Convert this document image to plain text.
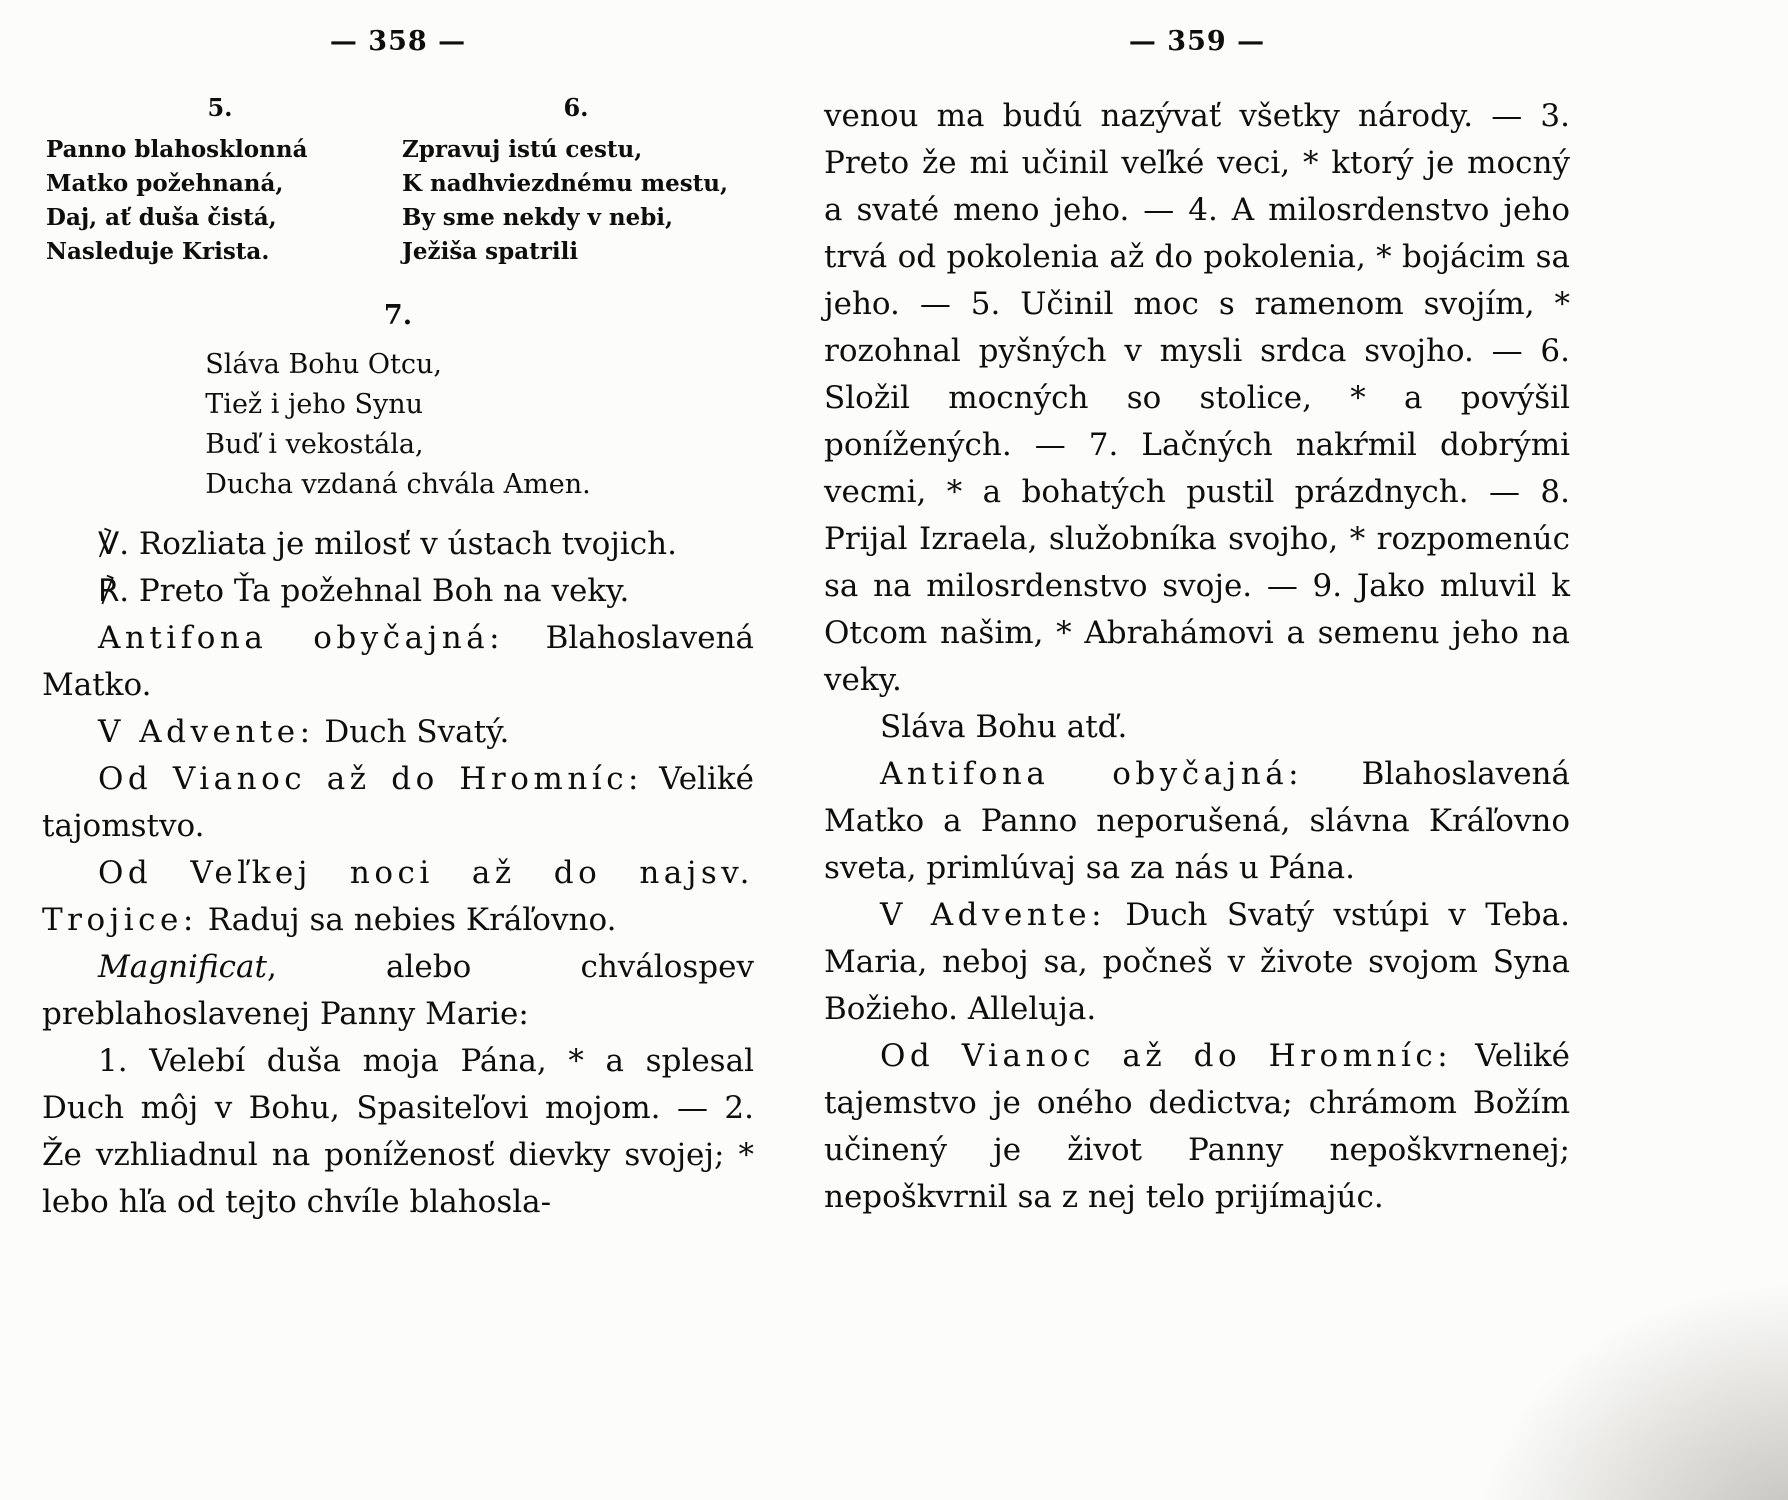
— 358 —
5.
Panno blahosklonná
Matko požehnaná,
Daj, ať duša čistá,
Nasleduje Krista.
6.
Zpravuj istú cestu,
K nadhviezdnému mestu,
By sme nekdy v nebi,
Ježiša spatrili
7.
Sláva Bohu Otcu,
Tiež i jeho Synu
Buď i vekostála,
Ducha vzdaná chvála Amen.

℣. Rozliata je milosť v ústach tvojich.

℟. Preto Ťa požehnal Boh na veky.

Antifona obyčajná: Blahoslavená Matko.

V Advente: Duch Svatý.

Od Vianoc až do Hromníc: Veliké tajomstvo.

Od Veľkej noci až do najsv. Trojice: Raduj sa nebies Kráľovno.

Magnificat, alebo chválospev preblahoslavenej Panny Marie:

1. Velebí duša moja Pána, * a splesal Duch môj v Bohu, Spasiteľovi mojom. — 2. Že vzhliadnul na poníženosť dievky svojej; * lebo hľa od tejto chvíle blahosla-

— 359 —

venou ma budú nazývať všetky národy. — 3. Preto že mi učinil veľké veci, * ktorý je mocný a svaté meno jeho. — 4. A milosrdenstvo jeho trvá od pokolenia až do pokolenia, * bojácim sa jeho. — 5. Učinil moc s ramenom svojím, * rozohnal pyšných v mysli srdca svojho. — 6. Složil mocných so stolice, * a povýšil ponížených. — 7. Lačných nakŕmil dobrými vecmi, * a bohatých pustil prázdnych. — 8. Prijal Izraela, služobníka svojho, * rozpomenúc sa na milosrdenstvo svoje. — 9. Jako mluvil k Otcom našim, * Abrahámovi a semenu jeho na veky.

Sláva Bohu atď.

Antifona obyčajná: Blahoslavená Matko a Panno neporušená, slávna Kráľovno sveta, primlúvaj sa za nás u Pána.

V Advente: Duch Svatý vstúpi v Teba. Maria, neboj sa, počneš v živote svojom Syna Božieho. Alleluja.

Od Vianoc až do Hromníc: Veliké tajemstvo je oného dedictva; chrámom Božím učinený je život Panny nepoškvrnenej; nepoškvrnil sa z nej telo prijímajúc.
